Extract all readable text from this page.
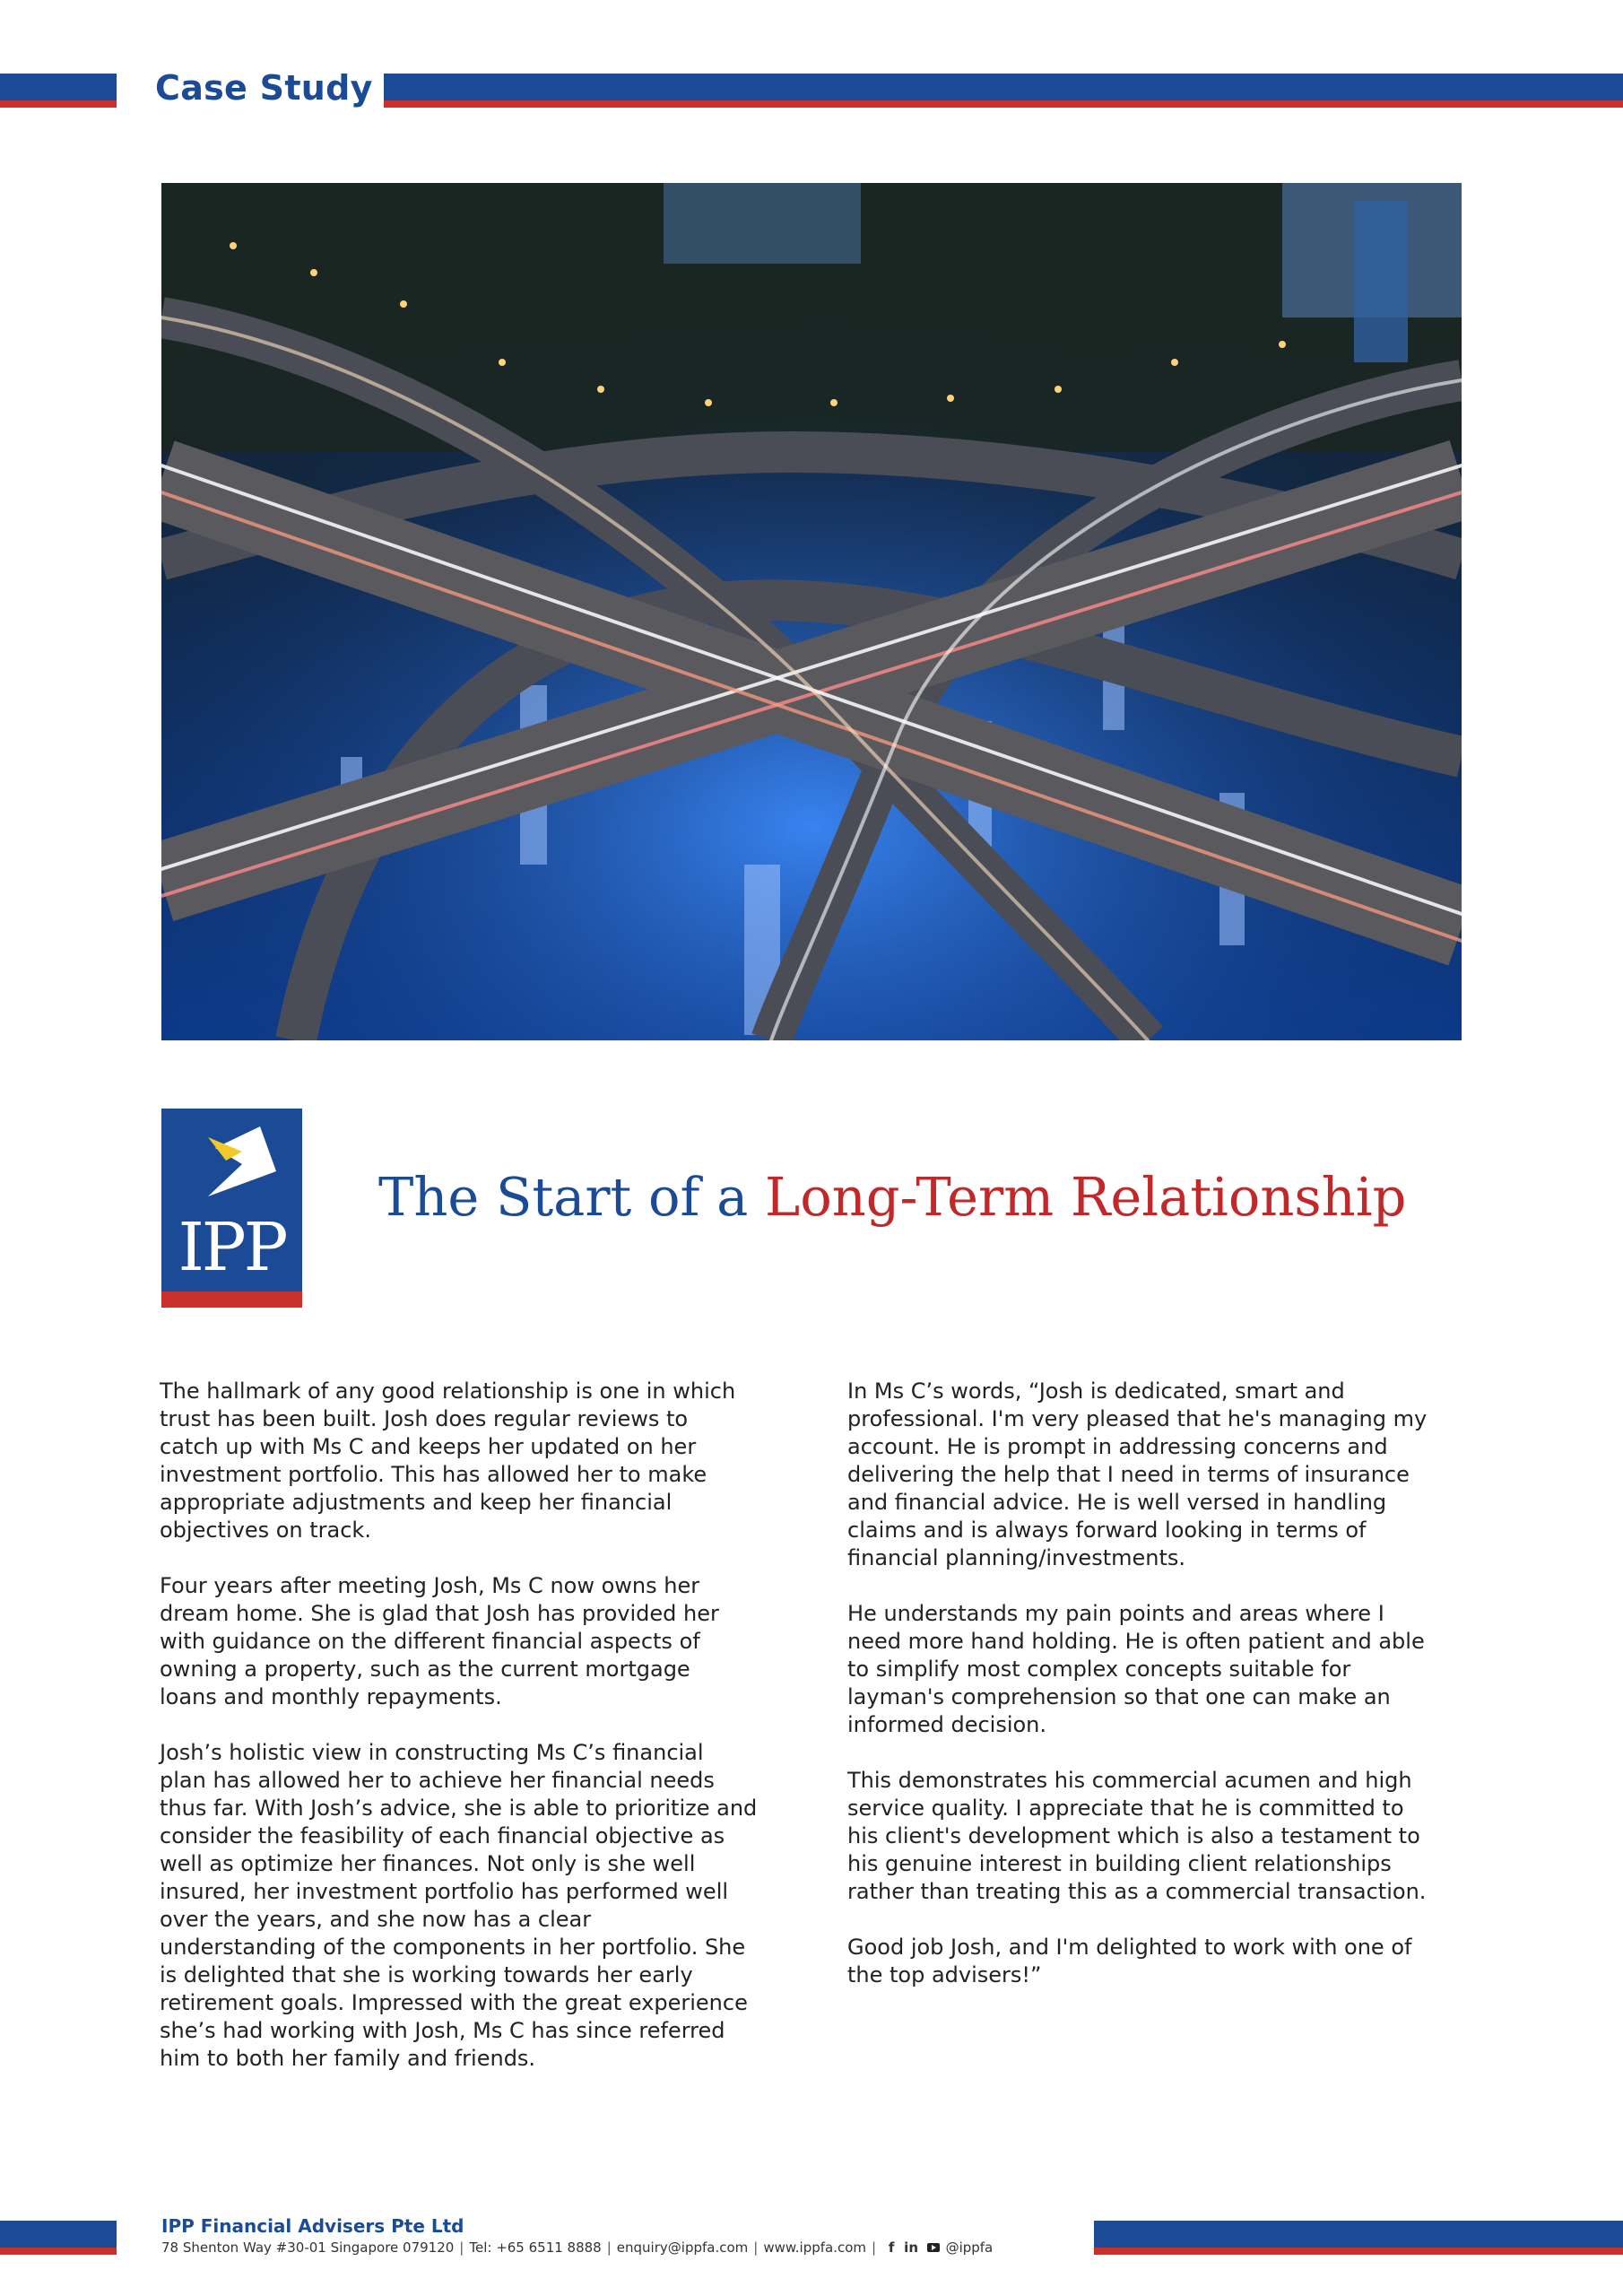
Case Study
IPP
The Start of a Long-Term Relationship

The hallmark of any good relationship is one in which
trust has been built. Josh does regular reviews to
catch up with Ms C and keeps her updated on her
investment portfolio. This has allowed her to make
appropriate adjustments and keep her financial
objectives on track.

Four years after meeting Josh, Ms C now owns her
dream home. She is glad that Josh has provided her
with guidance on the different financial aspects of
owning a property, such as the current mortgage
loans and monthly repayments.

Josh’s holistic view in constructing Ms C’s financial
plan has allowed her to achieve her financial needs
thus far. With Josh’s advice, she is able to prioritize and
consider the feasibility of each financial objective as
well as optimize her finances. Not only is she well
insured, her investment portfolio has performed well
over the years, and she now has a clear
understanding of the components in her portfolio. She
is delighted that she is working towards her early
retirement goals. Impressed with the great experience
she’s had working with Josh, Ms C has since referred
him to both her family and friends.

In Ms C’s words, “Josh is dedicated, smart and
professional. I'm very pleased that he's managing my
account. He is prompt in addressing concerns and
delivering the help that I need in terms of insurance
and financial advice. He is well versed in handling
claims and is always forward looking in terms of
financial planning/investments.

He understands my pain points and areas where I
need more hand holding. He is often patient and able
to simplify most complex concepts suitable for
layman's comprehension so that one can make an
informed decision.

This demonstrates his commercial acumen and high
service quality. I appreciate that he is committed to
his client's development which is also a testament to
his genuine interest in building client relationships
rather than treating this as a commercial transaction.

Good job Josh, and I'm delighted to work with one of
the top advisers!”

IPP Financial Advisers Pte Ltd
78 Shenton Way #30-01 Singapore 079120 | Tel: +65 6511 8888 | enquiry@ippfa.com | www.ippfa.com | f in @ippfa
